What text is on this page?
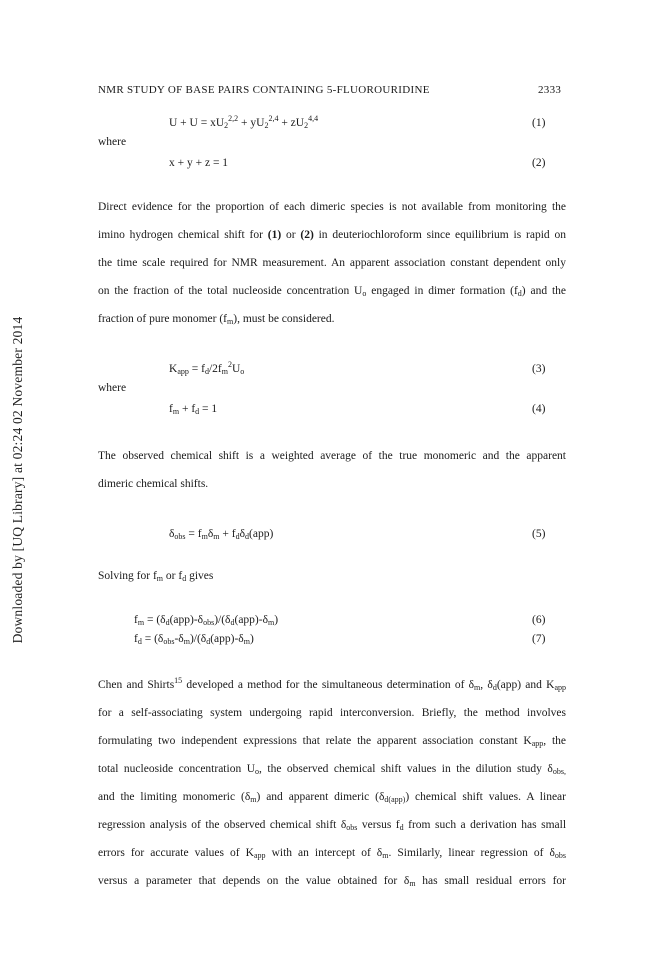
Downloaded by [UQ Library] at 02:24 02 November 2014
NMR STUDY OF BASE PAIRS CONTAINING 5-FLUOROURIDINE	2333
$U + U = xU_2^{2,2} + yU_2^{2,4} + zU_2^{4,4}$	(1)
where
x + y + z = 1	(2)
Direct evidence for the proportion of each dimeric species is not available from monitoring the
imino hydrogen chemical shift for (1) or (2) in deuteriochloroform since equilibrium is rapid on
the time scale required for NMR measurement. An apparent association constant dependent only
on the fraction of the total nucleoside concentration $U_o$ engaged in dimer formation $(f_d)$ and the
fraction of pure monomer $(f_m)$, must be considered.
$K_{app} = f_d/2f_m^2U_o$	(3)
where
$f_m + f_d = 1$	(4)
The observed chemical shift is a weighted average of the true monomeric and the apparent
dimeric chemical shifts.
$\delta_{obs} = f_m\delta_m + f_d\delta_d(app)$	(5)
Solving for $f_m$ or $f_d$ gives
$f_m = (\delta_d(app)-\delta_{obs})/(\delta_d(app)-\delta_m)$	(6)
$f_d = (\delta_{obs}-\delta_m)/(\delta_d(app)-\delta_m)$	(7)
Chen and Shirts$^{15}$ developed a method for the simultaneous determination of $\delta_m$, $\delta_d(app)$ and $K_{app}$
for a self-associating system undergoing rapid interconversion. Briefly, the method involves
formulating two independent expressions that relate the apparent association constant $K_{app}$, the
total nucleoside concentration $U_o$, the observed chemical shift values in the dilution study $\delta_{obs,}$
and the limiting monomeric $(\delta_m)$ and apparent dimeric $(\delta_{d(app)})$ chemical shift values. A linear
regression analysis of the observed chemical shift $\delta_{obs}$ versus $f_d$ from such a derivation has small
errors for accurate values of $K_{app}$ with an intercept of $\delta_m$. Similarly, linear regression of $\delta_{obs}$
versus a parameter that depends on the value obtained for $\delta_m$ has small residual errors for
